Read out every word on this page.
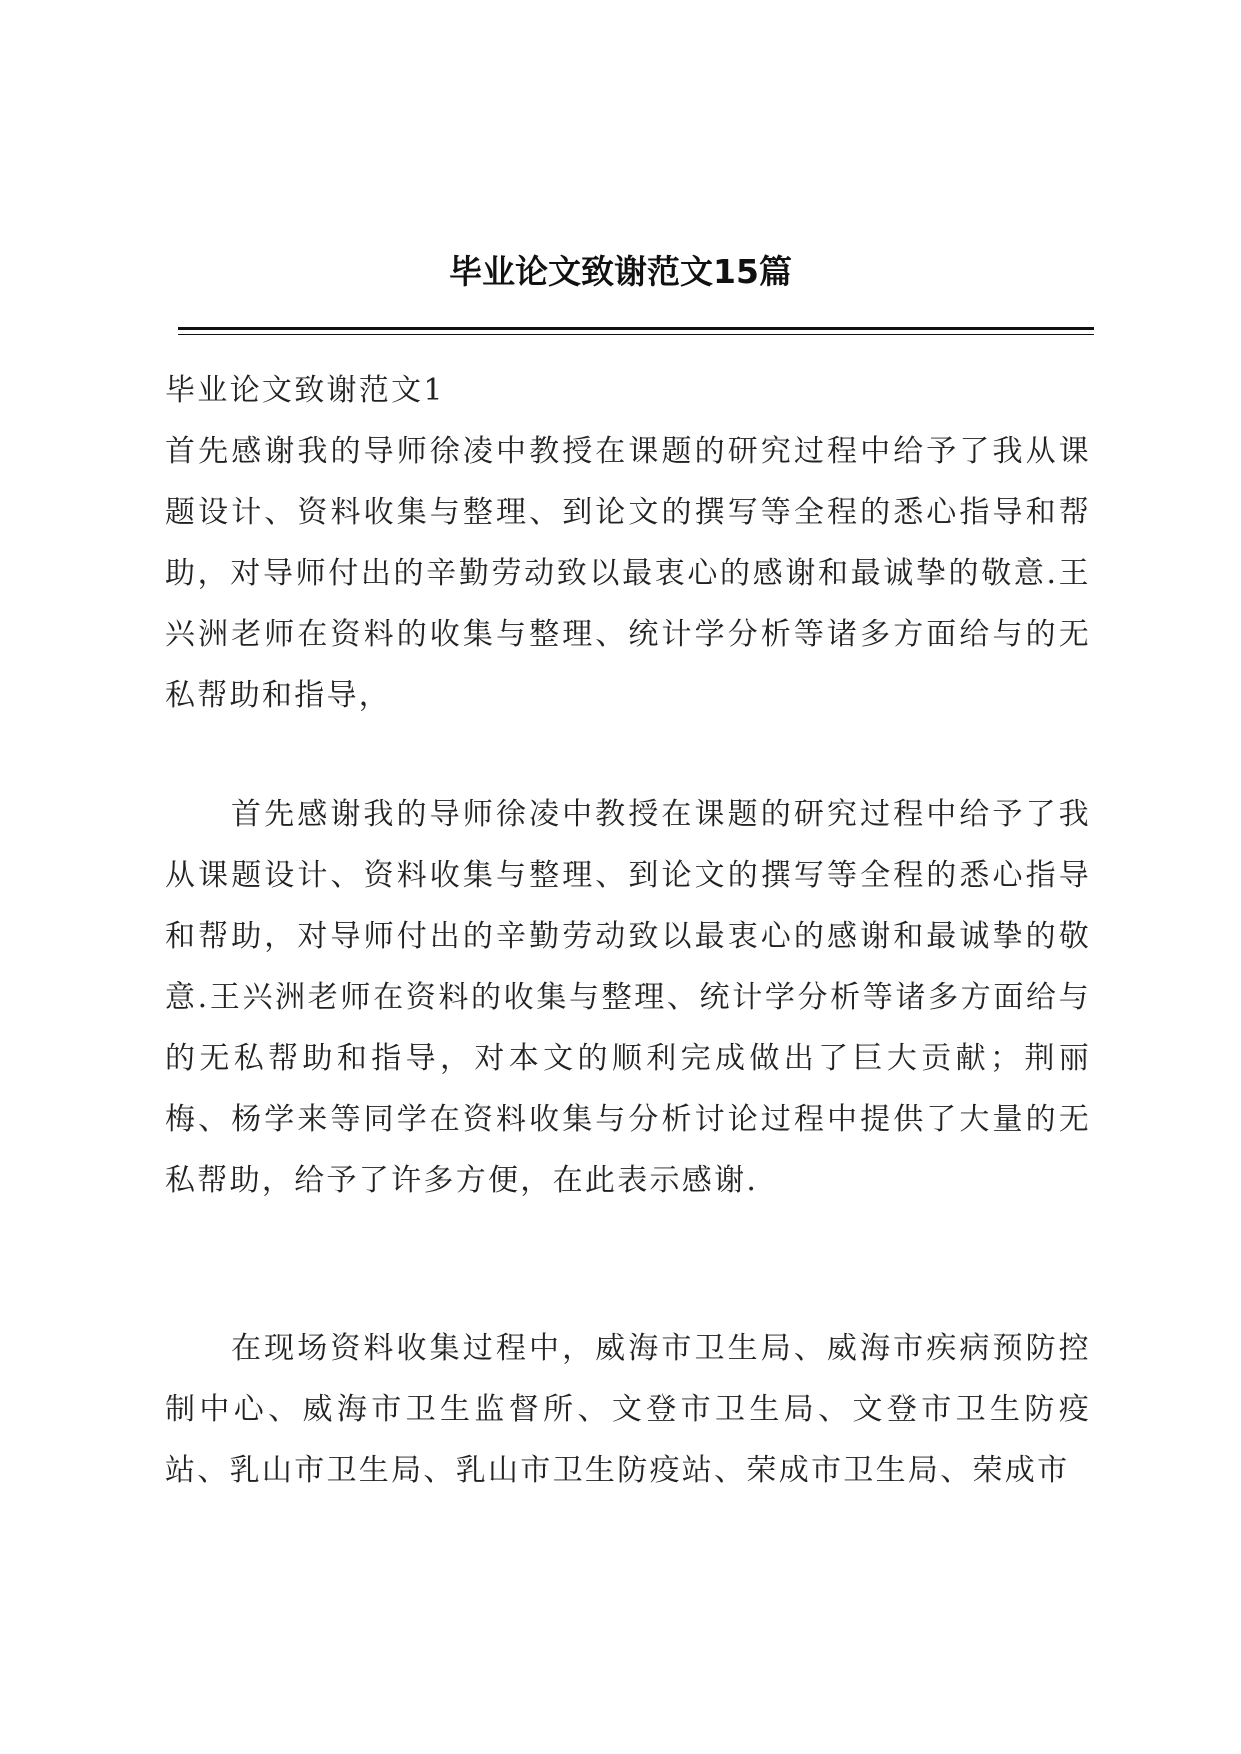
毕业论文致谢范文15篇
毕业论文致谢范文1

首先感谢我的导师徐凌中教授在课题的研究过程中给予了我从课题设计、资料收集与整理、到论文的撰写等全程的悉心指导和帮助，对导师付出的辛勤劳动致以最衷心的感谢和最诚挚的敬意.王兴洲老师在资料的收集与整理、统计学分析等诸多方面给与的无私帮助和指导，

首先感谢我的导师徐凌中教授在课题的研究过程中给予了我从课题设计、资料收集与整理、到论文的撰写等全程的悉心指导和帮助，对导师付出的辛勤劳动致以最衷心的感谢和最诚挚的敬意.王兴洲老师在资料的收集与整理、统计学分析等诸多方面给与的无私帮助和指导，对本文的顺利完成做出了巨大贡献；荆丽梅、杨学来等同学在资料收集与分析讨论过程中提供了大量的无私帮助，给予了许多方便，在此表示感谢.

在现场资料收集过程中，威海市卫生局、威海市疾病预防控制中心、威海市卫生监督所、文登市卫生局、文登市卫生防疫站、乳山市卫生局、乳山市卫生防疫站、荣成市卫生局、荣成市
